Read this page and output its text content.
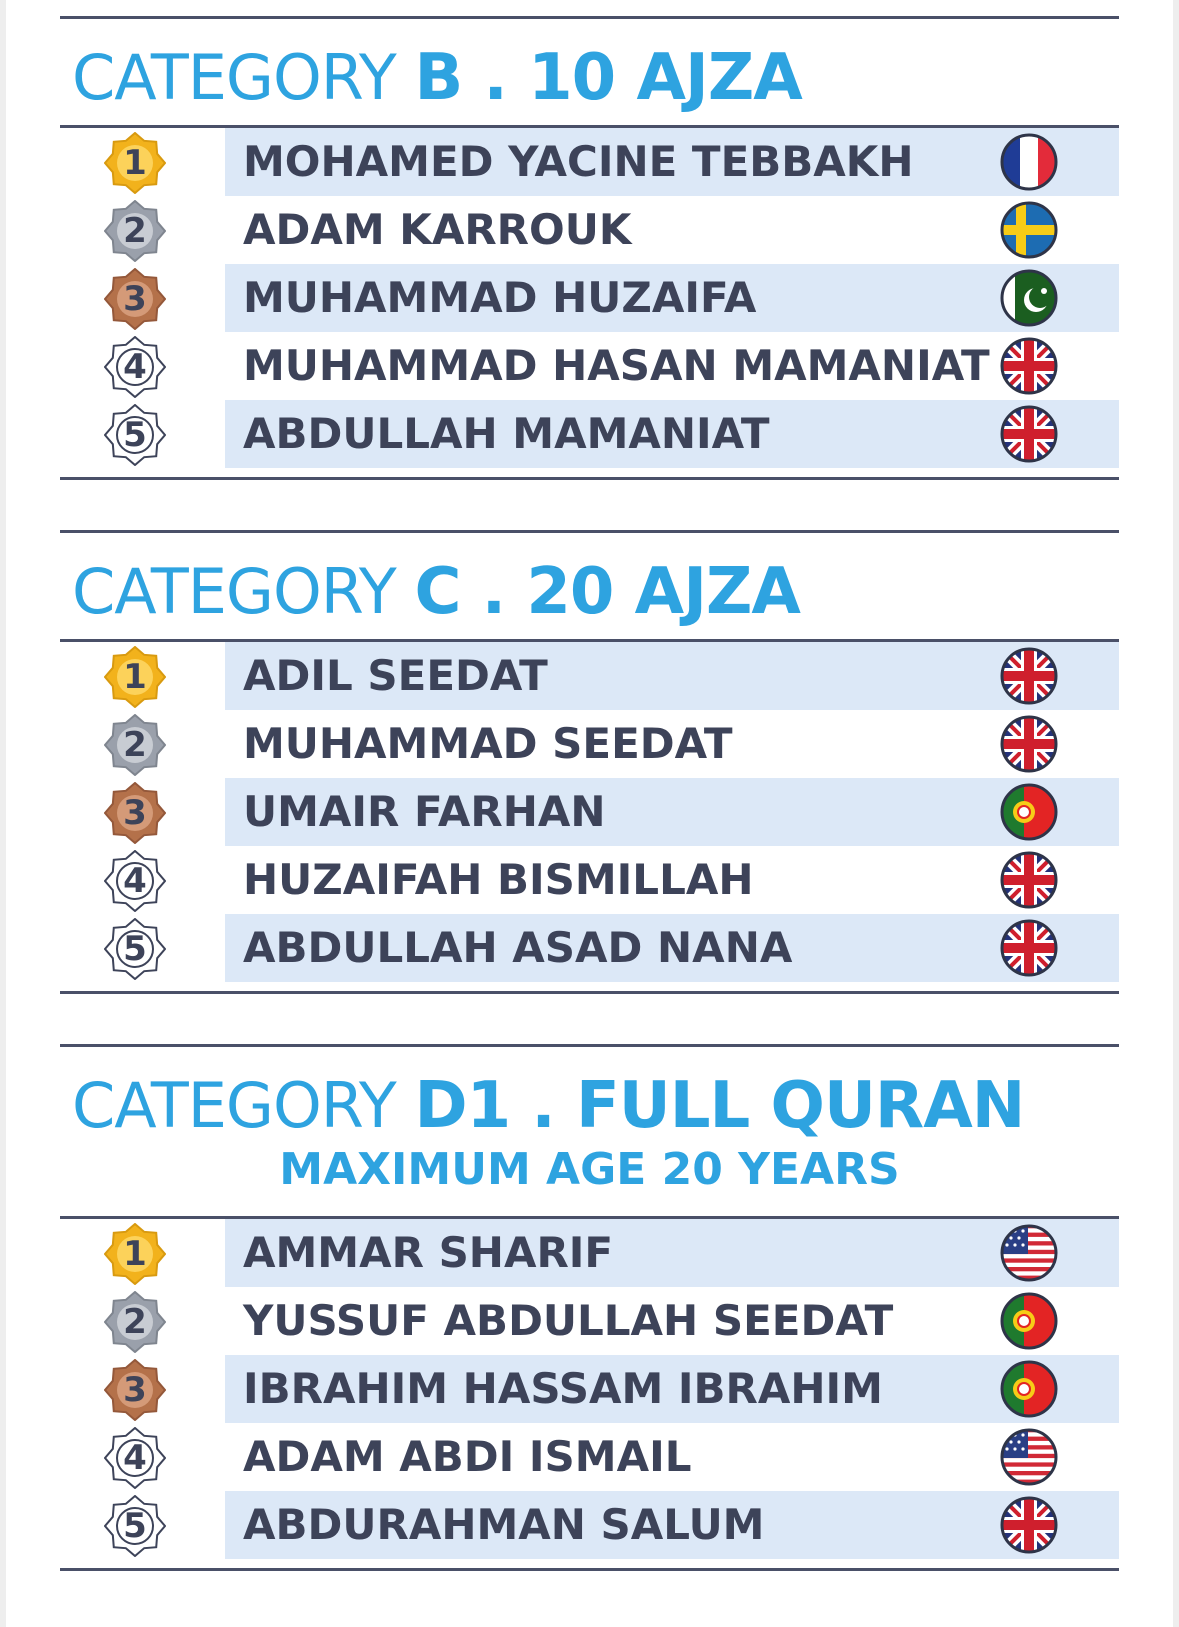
CATEGORY B . 10 AJZA
1	MOHAMED YACINE TEBBAKH
2	ADAM KARROUK
3	MUHAMMAD HUZAIFA
4	MUHAMMAD HASAN MAMANIAT
5	ABDULLAH MAMANIAT
CATEGORY C . 20 AJZA
1	ADIL SEEDAT
2	MUHAMMAD SEEDAT
3	UMAIR FARHAN
4	HUZAIFAH BISMILLAH
5	ABDULLAH ASAD NANA
CATEGORY D1 . FULL QURAN
MAXIMUM AGE 20 YEARS
1	AMMAR SHARIF
2	YUSSUF ABDULLAH SEEDAT
3	IBRAHIM HASSAM IBRAHIM
4	ADAM ABDI ISMAIL
5	ABDURAHMAN SALUM
